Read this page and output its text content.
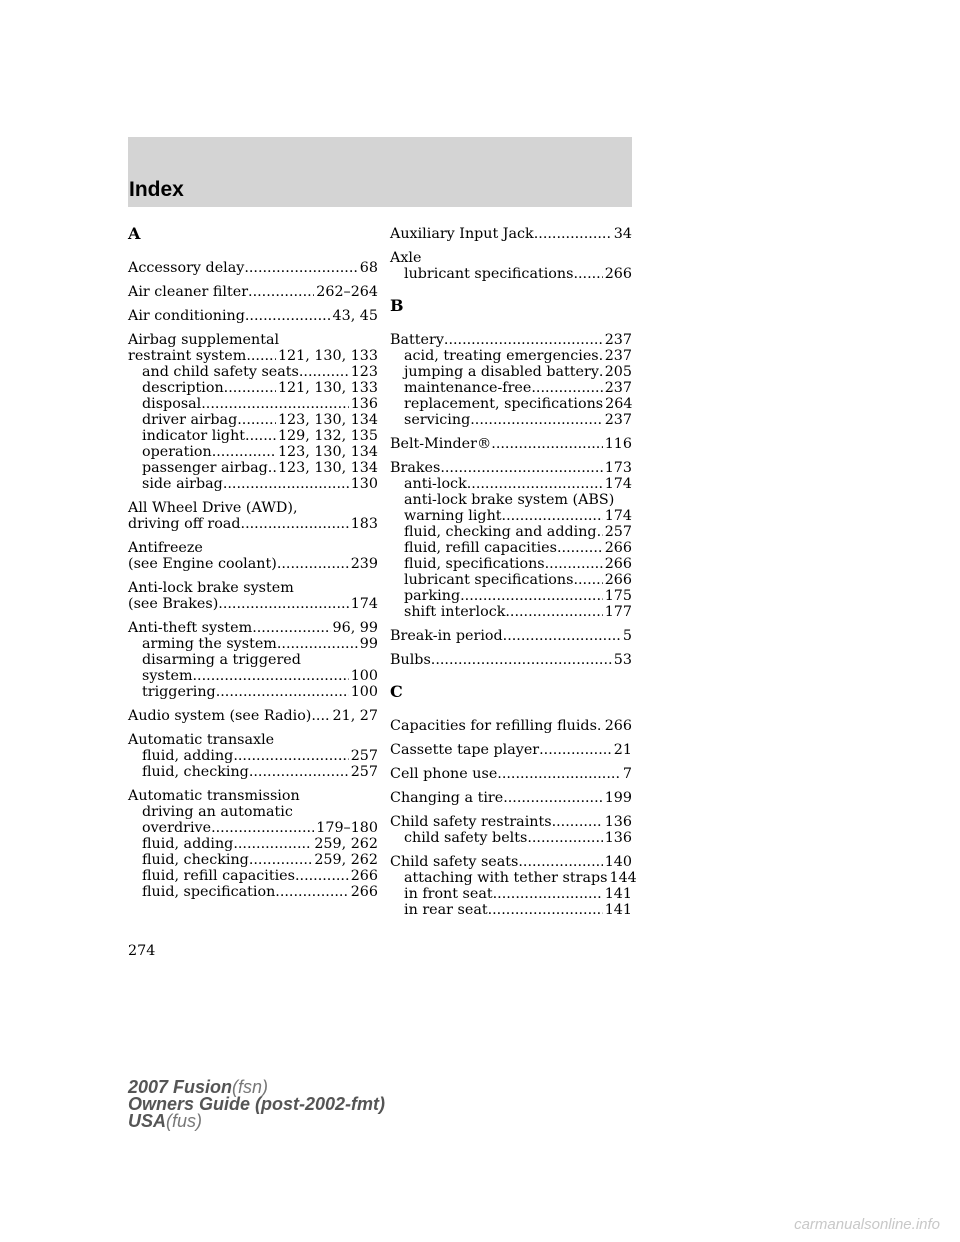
Index
A
Accessory delay .....	68
Air cleaner filter .....	262–264
Air conditioning .....	43, 45
Airbag supplemental
restraint system ..... 121, 130, 133
and child safety seats .....	123
description .....	121, 130, 133
disposal .....	136
driver airbag .....	123, 130, 134
indicator light ..... 129, 132, 135
operation .....	123, 130, 134
passenger airbag ..... 123, 130, 134
side airbag .....	130
All Wheel Drive (AWD),
driving off road .....	183
Antifreeze
(see Engine coolant) .....	239
Anti-lock brake system
(see Brakes) .....	174
Anti-theft system .....	96, 99
arming the system .....	99
disarming a triggered
system .....	100
triggering .....	100
Audio system (see Radio) ..... 21, 27
Automatic transaxle
fluid, adding .....	257
fluid, checking .....	257
Automatic transmission
driving an automatic
overdrive .....	179–180
fluid, adding .....	259, 262
fluid, checking .....	259, 262
fluid, refill capacities .....	266
fluid, specification .....	266
Auxiliary Input Jack .....	34
Axle
lubricant specifications ..... 266
B
Battery .....	237
acid, treating emergencies ..... 237
jumping a disabled battery ..... 205
maintenance-free .....	237
replacement, specifications 264
servicing .....	237
Belt-Minder® .....	116
Brakes .....	173
anti-lock .....	174
anti-lock brake system (ABS)
warning light .....	174
fluid, checking and adding ..... 257
fluid, refill capacities .....	266
fluid, specifications .....	266
lubricant specifications ..... 266
parking .....	175
shift interlock .....	177
Break-in period .....	5
Bulbs .....	53
C
Capacities for refilling fluids ..... 266
Cassette tape player .....	21
Cell phone use .....	7
Changing a tire .....	199
Child safety restraints .....	136
child safety belts .....	136
Child safety seats .....	140
attaching with tether straps 144
in front seat .....	141
in rear seat .....	141
274
2007 Fusion(fsn)
Owners Guide (post-2002-fmt)
USA(fus)
carmanualsonline.info
